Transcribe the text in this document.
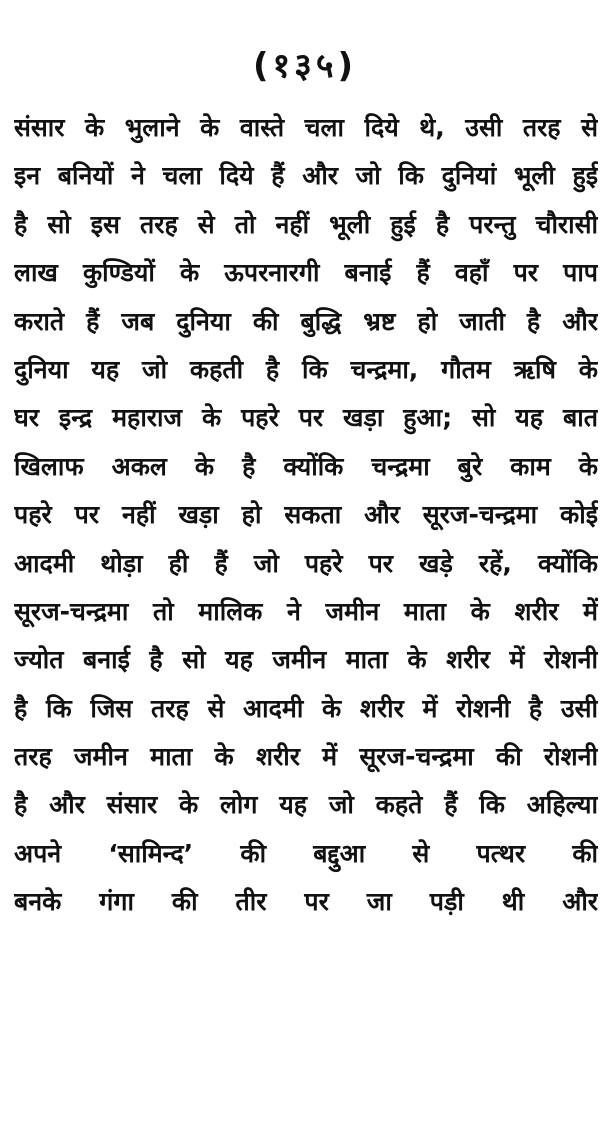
(१३५)
संसार के भुलाने के वास्ते चला दिये थे, उसी तरह से
इन बनियों ने चला दिये हैं और जो कि दुनियां भूली हुई
है सो इस तरह से तो नहीं भूली हुई है परन्तु चौरासी
लाख कुण्डियों के ऊपरनारगी बनाई हैं वहाँ पर पाप
कराते हैं जब दुनिया की बुद्धि भ्रष्ट हो जाती है और
दुनिया यह जो कहती है कि चन्द्रमा, गौतम ऋषि के
घर इन्द्र महाराज के पहरे पर खड़ा हुआ; सो यह बात
खिलाफ अकल के है क्योंकि चन्द्रमा बुरे काम के
पहरे पर नहीं खड़ा हो सकता और सूरज-चन्द्रमा कोई
आदमी थोड़ा ही हैं जो पहरे पर खड़े रहें, क्योंकि
सूरज-चन्द्रमा तो मालिक ने जमीन माता के शरीर में
ज्योत बनाई है सो यह जमीन माता के शरीर में रोशनी
है कि जिस तरह से आदमी के शरीर में रोशनी है उसी
तरह जमीन माता के शरीर में सूरज-चन्द्रमा की रोशनी
है और संसार के लोग यह जो कहते हैं कि अहिल्या
अपने ‘सामिन्द’ की बद्दुआ से पत्थर की
बनके गंगा की तीर पर जा पड़ी थी और
